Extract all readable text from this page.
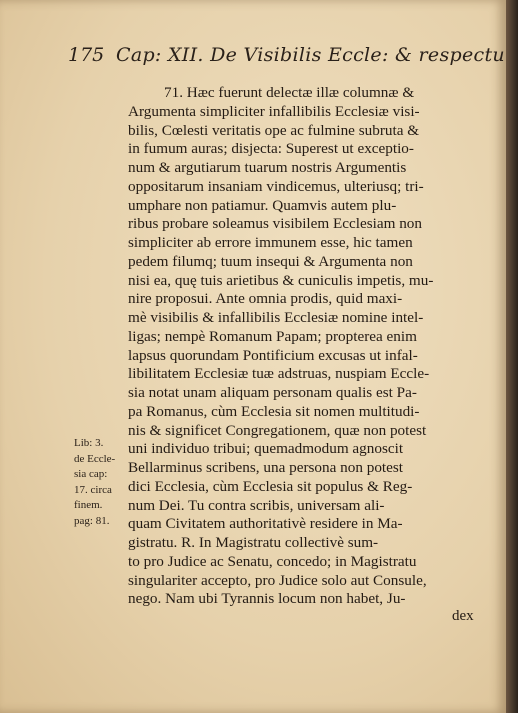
175 Cap: XII. De Visibilis Eccle: & respectu
71. Hæc fuerunt delectæ illæ columnæ &
Argumenta simpliciter infallibilis Ecclesiæ visi-
bilis, Cœlesti veritatis ope ac fulmine subruta &
in fumum auras; disjecta: Superest ut exceptio-
num & argutiarum tuarum nostris Argumentis
oppositarum insaniam vindicemus, ulteriusq; tri-
umphare non patiamur. Quamvis autem plu-
ribus probare soleamus visibilem Ecclesiam non
simpliciter ab errore immunem esse, hic tamen
pedem filumq; tuum insequi & Argumenta non
nisi ea, quę tuis arietibus & cuniculis impetis, mu-
nire proposui. Ante omnia prodis, quid maxi-
mè visibilis & infallibilis Ecclesiæ nomine intel-
ligas; nempè Romanum Papam; propterea enim
lapsus quorundam Pontificium excusas ut infal-
libilitatem Ecclesiæ tuæ adstruas, nuspiam Eccle-
sia notat unam aliquam personam qualis est Pa-
pa Romanus, cùm Ecclesia sit nomen multitudi-
nis & significet Congregationem, quæ non potest
uni individuo tribui; quemadmodum agnoscit
Bellarminus scribens, una persona non potest
dici Ecclesia, cùm Ecclesia sit populus & Reg-
num Dei. Tu contra scribis, universam ali-
quam Civitatem authoritativè residere in Ma-
gistratu. R. In Magistratu collectivè sum-
to pro Judice ac Senatu, concedo; in Magistratu
singulariter accepto, pro Judice solo aut Consule,
nego. Nam ubi Tyrannis locum non habet, Ju-
Lib: 3.
de Eccle-
sia cap:
17. circa
finem.
pag: 81.
dex
